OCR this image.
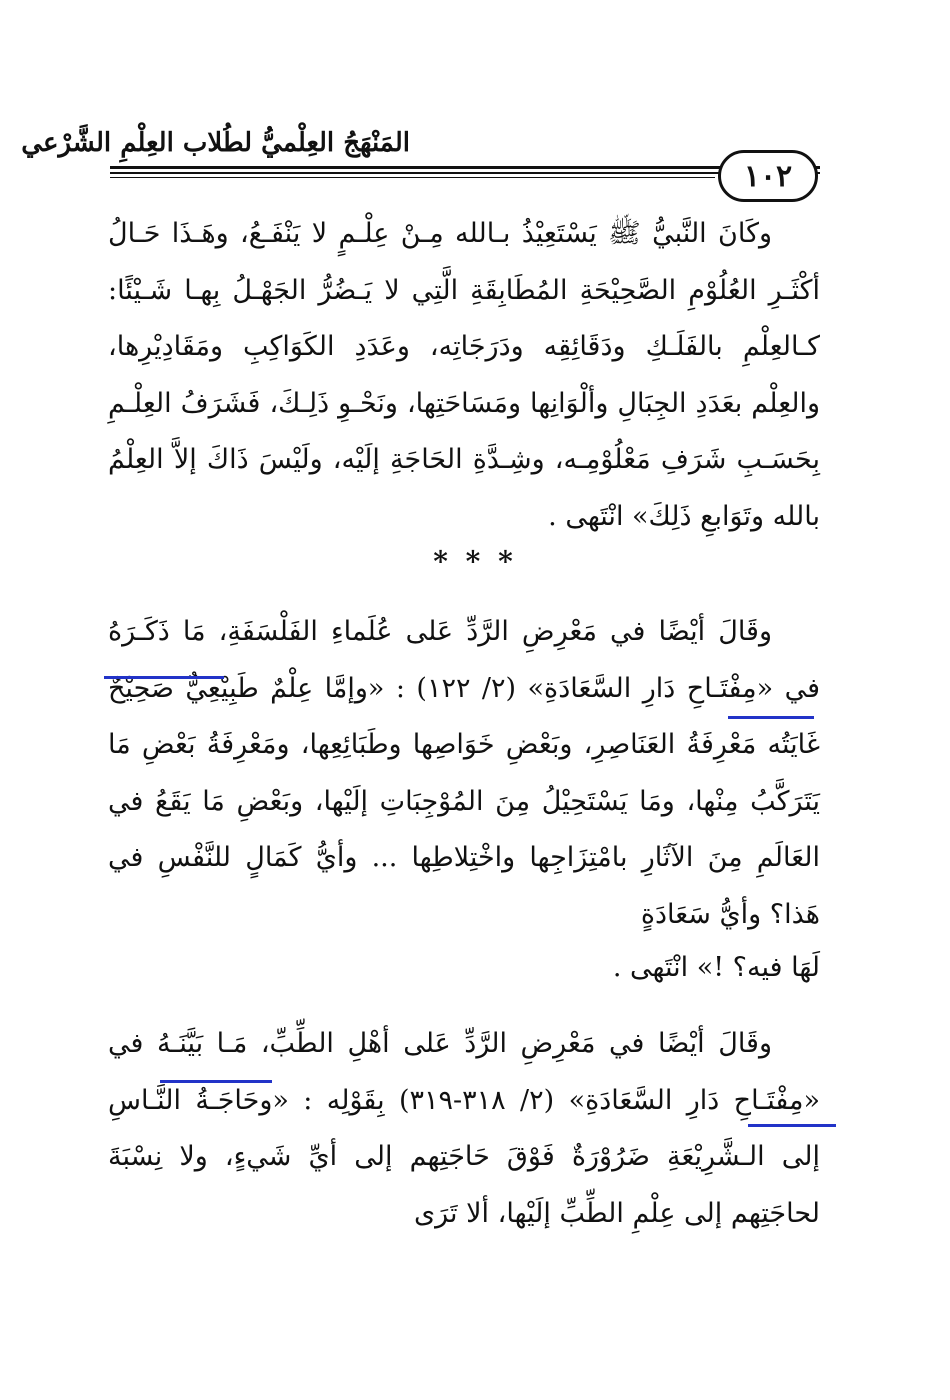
المَنْهَجُ العِلْميُّ لطُلاب العِلْمِ الشَّرْعي
١٠٢

وكَانَ النَّبيُّ ﷺ يَسْتَعِيْذُ بـالله مِـنْ عِلْـمٍ لا يَنْفَـعُ، وهَـذَا حَـالُ أكْثَـرِ العُلُوْمِ الصَّحِيْحَةِ المُطَابِقَةِ الَّتِي لا يَـضُرُّ الجَهْـلُ بِهـا شَـيْئًا: كـالعِلْمِ بالفَلَـكِ ودَقَائِقِه ودَرَجَاتِه، وعَدَدِ الكَوَاكِبِ ومَقَادِيْرِها، والعِلْم بعَدَدِ الجِبَالِ وألْوَانِها ومَسَاحَتِها، ونَحْـوِ ذَلِـكَ، فَشَرَفُ العِلْـمِ بِحَسَـبِ شَرَفِ مَعْلُوْمِـه، وشِـدَّةِ الحَاجَةِ إلَيْه، ولَيْسَ ذَاكَ إلاَّ العِلْمُ بالله وتَوَابعِ ذَلِكَ» انْتَهى .

* * *

وقَالَ أيْضًا في مَعْرِضِ الرَّدِّ عَلى عُلَماءِ الفَلْسَفَةِ، مَا ذَكَـرَهُ في «مِفْتَـاحِ دَارِ السَّعَادَةِ» (٢/ ١٢٢) : «وإمَّا عِلْمٌ طَبِيْعِيٌّ صَحِيْحٌ غَايَتُه مَعْرِفَةُ العَنَاصِرِ، وبَعْضِ خَوَاصِها وطَبَائِعِها، ومَعْرِفَةُ بَعْضِ مَا يَتَرَكَّبُ مِنْها، ومَا يَسْتَحِيْلُ مِنَ المُوْجِبَاتِ إلَيْها، وبَعْضِ مَا يَقَعُ في العَالَمِ مِنَ الآثَارِ بامْتِزَاجِها واخْتِلاطِها ... وأيُّ كَمَالٍ للنَّفْسِ في هَذا؟ وأيُّ سَعَادَةٍ

لَهَا فيه؟ !» انْتَهى .

وقَالَ أيْضًا في مَعْرِضِ الرَّدِّ عَلى أهْلِ الطِّبِّ، مَـا بَيَّنَـهُ في «مِفْتَـاحِ دَارِ السَّعَادَةِ» (٢/ ٣١٨-٣١٩) بِقَوْلِه : «وحَاجَـةُ النَّـاسِ إلى الـشَّرِيْعَةِ ضَرُوْرَةٌ فَوْقَ حَاجَتِهم إلى أيِّ شَيءٍ، ولا نِسْبَةَ لحاجَتِهم إلى عِلْمِ الطِّبِّ إلَيْها، ألا تَرَى
